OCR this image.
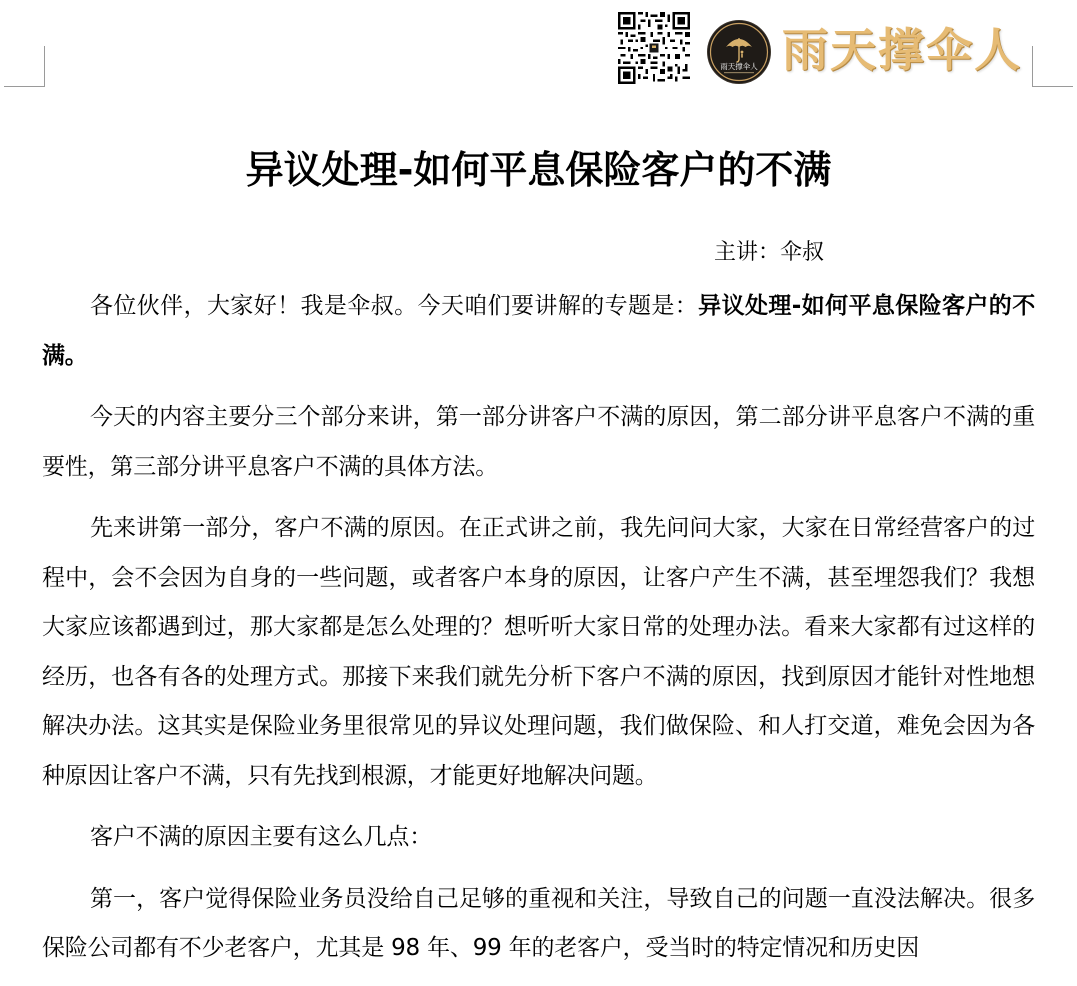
雨天撑伞人 雨天撑伞人
异议处理-如何平息保险客户的不满

主讲：伞叔

各位伙伴，大家好！我是伞叔。今天咱们要讲解的专题是：异议处理-如何平息保险客户的不满。

今天的内容主要分三个部分来讲，第一部分讲客户不满的原因，第二部分讲平息客户不满的重要性，第三部分讲平息客户不满的具体方法。

先来讲第一部分，客户不满的原因。在正式讲之前，我先问问大家，大家在日常经营客户的过程中，会不会因为自身的一些问题，或者客户本身的原因，让客户产生不满，甚至埋怨我们？我想大家应该都遇到过，那大家都是怎么处理的？想听听大家日常的处理办法。看来大家都有过这样的经历，也各有各的处理方式。那接下来我们就先分析下客户不满的原因，找到原因才能针对性地想解决办法。这其实是保险业务里很常见的异议处理问题，我们做保险、和人打交道，难免会因为各种原因让客户不满，只有先找到根源，才能更好地解决问题。

客户不满的原因主要有这么几点：

第一，客户觉得保险业务员没给自己足够的重视和关注，导致自己的问题一直没法解决。很多保险公司都有不少老客户，尤其是 98 年、99 年的老客户，受当时的特定情况和历史因
